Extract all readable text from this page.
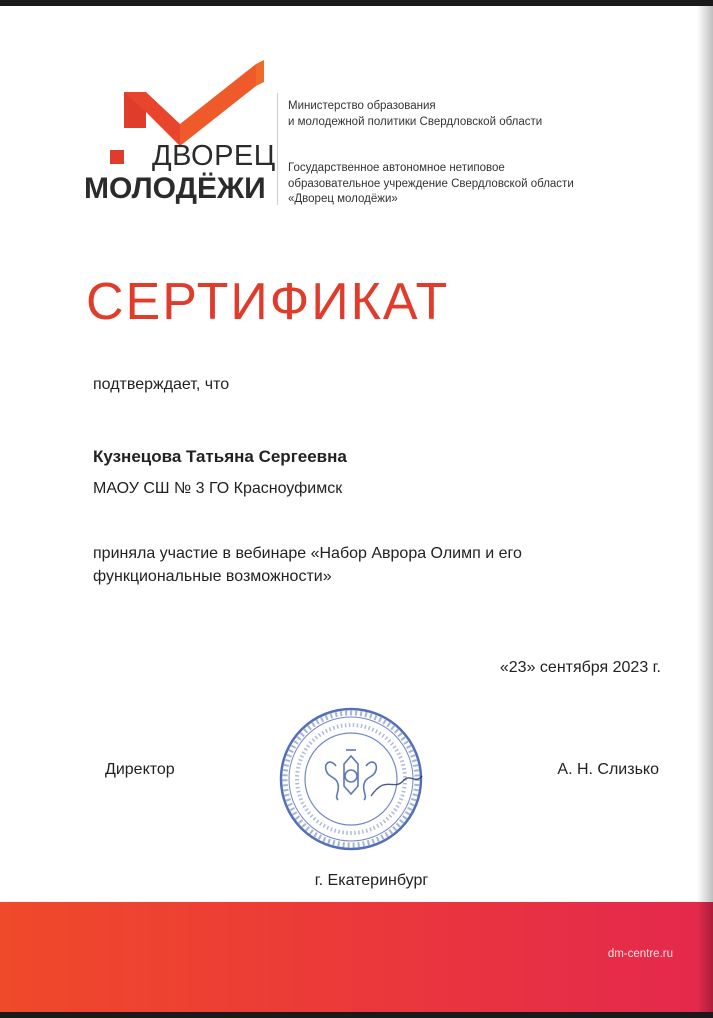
ДВОРЕЦ
МОЛОДЁЖИ
Министерство образования
и молодежной политики Свердловской области
Государственное автономное нетиповое
образовательное учреждение Свердловской области
«Дворец молодёжи»
СЕРТИФИКАТ
подтверждает, что
Кузнецова Татьяна Сергеевна
МАОУ СШ № 3 ГО Красноуфимск
приняла участие в вебинаре «Набор Аврора Олимп и его
функциональные возможности»
«23» сентября 2023 г.
Директор	А. Н. Слизько
г. Екатеринбург
dm-centre.ru
